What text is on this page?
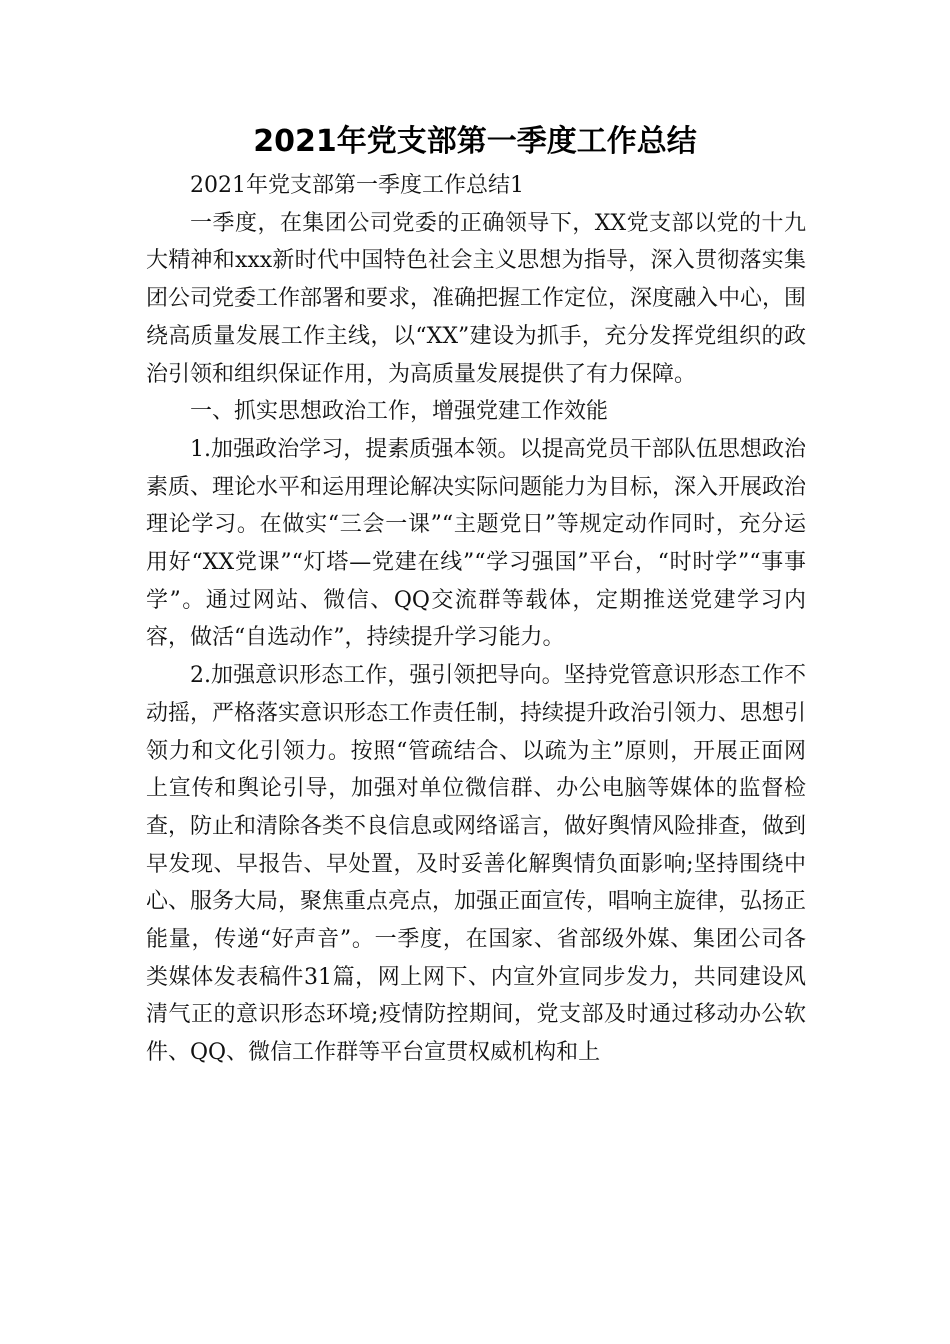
2021年党支部第一季度工作总结

2021年党支部第一季度工作总结1

一季度，在集团公司党委的正确领导下，XX党支部以党的十九大精神和xxx新时代中国特色社会主义思想为指导，深入贯彻落实集团公司党委工作部署和要求，准确把握工作定位，深度融入中心，围绕高质量发展工作主线，以“XX”建设为抓手，充分发挥党组织的政治引领和组织保证作用，为高质量发展提供了有力保障。

一、抓实思想政治工作，增强党建工作效能

1.加强政治学习，提素质强本领。以提高党员干部队伍思想政治素质、理论水平和运用理论解决实际问题能力为目标，深入开展政治理论学习。在做实“三会一课”“主题党日”等规定动作同时，充分运用好“XX党课”“灯塔—党建在线”“学习强国”平台，“时时学”“事事学”。通过网站、微信、QQ交流群等载体，定期推送党建学习内容，做活“自选动作”，持续提升学习能力。

2.加强意识形态工作，强引领把导向。坚持党管意识形态工作不动摇，严格落实意识形态工作责任制，持续提升政治引领力、思想引领力和文化引领力。按照“管疏结合、以疏为主”原则，开展正面网上宣传和舆论引导，加强对单位微信群、办公电脑等媒体的监督检查，防止和清除各类不良信息或网络谣言，做好舆情风险排查，做到早发现、早报告、早处置，及时妥善化解舆情负面影响;坚持围绕中心、服务大局，聚焦重点亮点，加强正面宣传，唱响主旋律，弘扬正能量，传递“好声音”。一季度，在国家、省部级外媒、集团公司各类媒体发表稿件31篇，网上网下、内宣外宣同步发力，共同建设风清气正的意识形态环境;疫情防控期间，党支部及时通过移动办公软件、QQ、微信工作群等平台宣贯权威机构和上
